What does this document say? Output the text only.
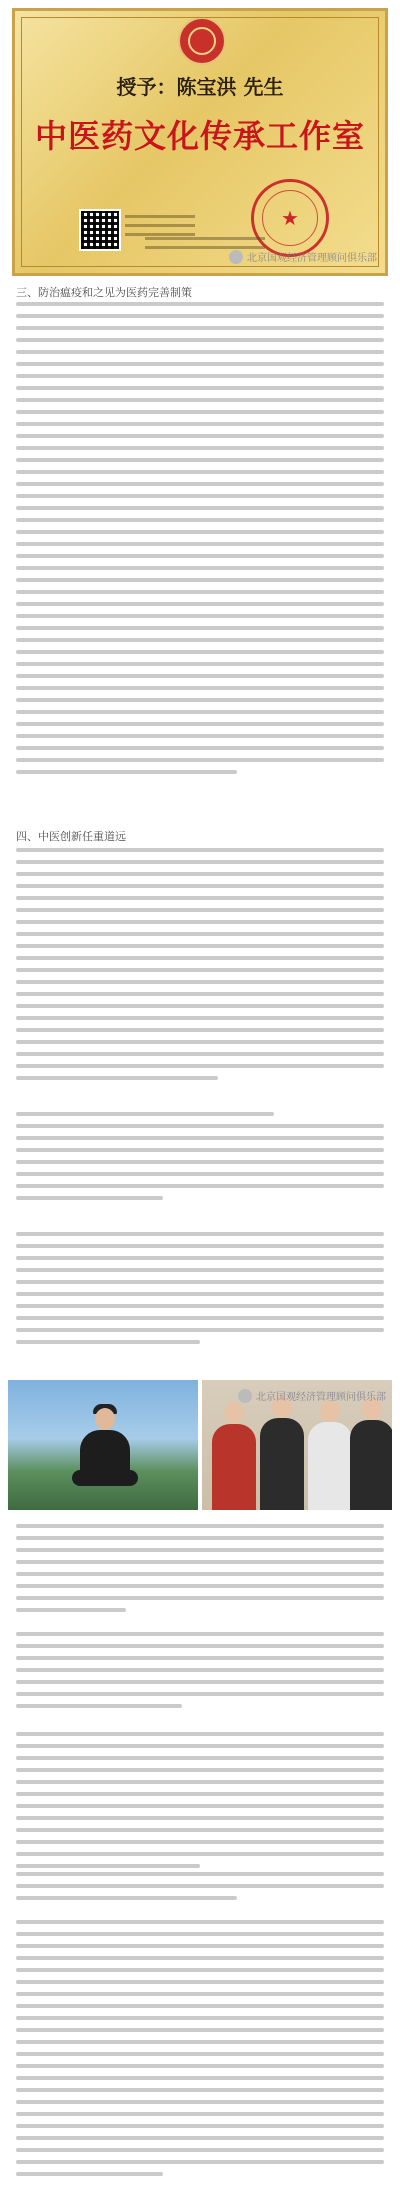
授予：陈宝洪 先生
中医药文化传承工作室
★
北京国观经济管理顾问俱乐部
三、防治瘟疫和之见为医药完善制策
四、中医创新任重道远
北京国观经济管理顾问俱乐部
